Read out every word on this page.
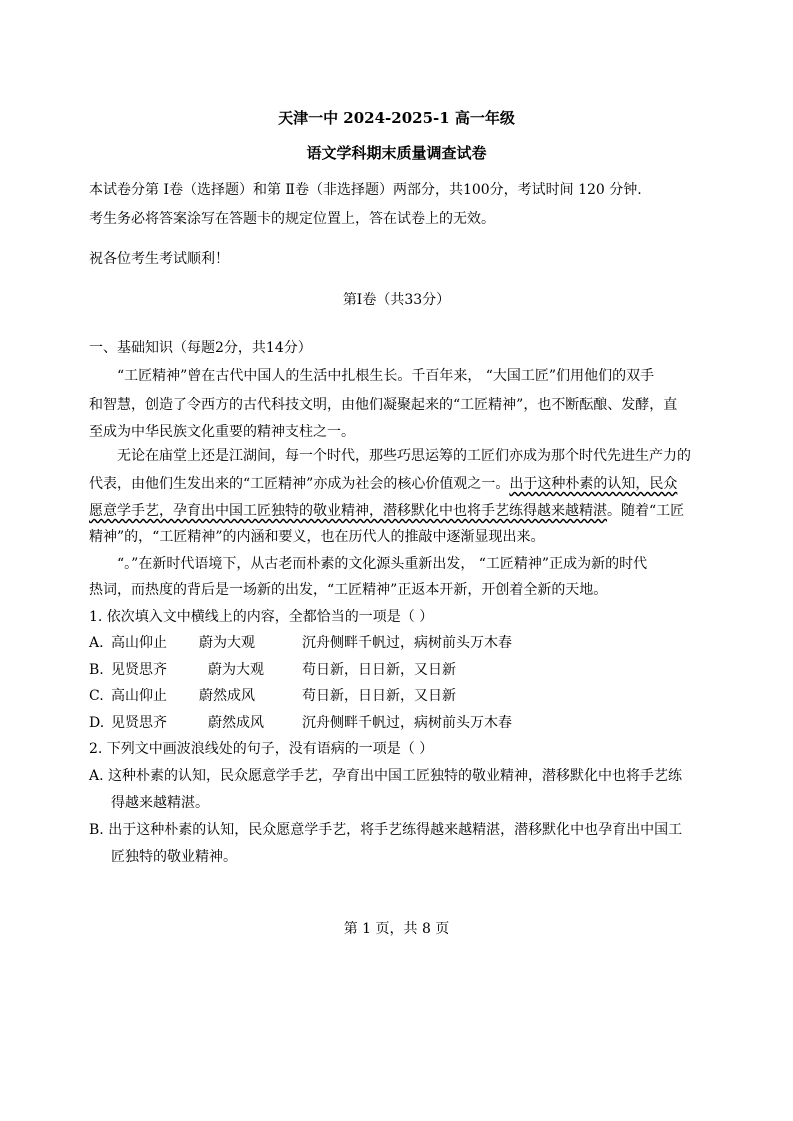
天津一中 2024-2025-1 高一年级
语文学科期末质量调查试卷
本试卷分第 Ⅰ卷（选择题）和第 Ⅱ卷（非选择题）两部分，共100分，考试时间 120 分钟.
考生务必将答案涂写在答题卡的规定位置上，答在试卷上的无效。
祝各位考生考试顺利！
第Ⅰ卷（共33分）
一、基础知识（每题2分，共14分）
“工匠精神”曾在古代中国人的生活中扎根生长。千百年来， “大国工匠”们用他们的双手
和智慧，创造了令西方的古代科技文明，由他们凝聚起来的“工匠精神”，也不断酝酿、发酵，直
至成为中华民族文化重要的精神支柱之一。
无论在庙堂上还是江湖间，每一个时代，那些巧思运筹的工匠们亦成为那个时代先进生产力的
代表，由他们生发出来的“工匠精神”亦成为社会的核心价值观之一。出于这种朴素的认知，民众
愿意学手艺，孕育出中国工匠独特的敬业精神，潜移默化中也将手艺练得越来越精湛。随着“工匠
精神”的，“工匠精神”的内涵和要义，也在历代人的推敲中逐渐显现出来。
“。”在新时代语境下，从古老而朴素的文化源头重新出发， “工匠精神”正成为新的时代
热词，而热度的背后是一场新的出发，“工匠精神”正返本开新，开创着全新的天地。
1. 依次填入文中横线上的内容，全都恰当的一项是（ ）
A. 高山仰止 蔚为大观	沉舟侧畔千帆过，病树前头万木春
B. 见贤思齐	蔚为大观	苟日新，日日新，又日新
C. 高山仰止 蔚然成风	苟日新，日日新，又日新
D. 见贤思齐	蔚然成风	沉舟侧畔千帆过，病树前头万木春
2. 下列文中画波浪线处的句子，没有语病的一项是（ ）
A. 这种朴素的认知，民众愿意学手艺，孕育出中国工匠独特的敬业精神，潜移默化中也将手艺练
得越来越精湛。
B. 出于这种朴素的认知，民众愿意学手艺，将手艺练得越来越精湛，潜移默化中也孕育出中国工
匠独特的敬业精神。
第 1 页，共 8 页
